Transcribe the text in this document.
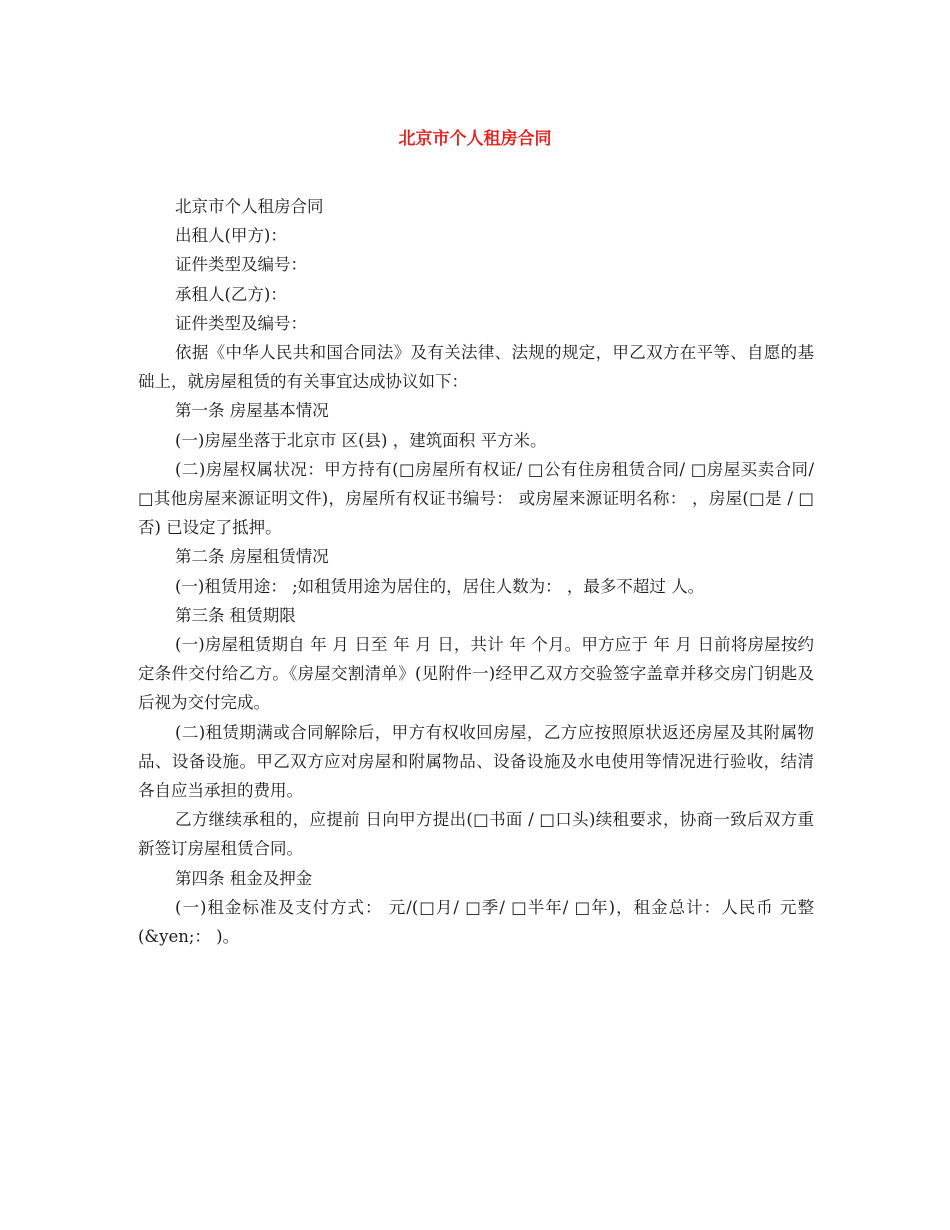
北京市个人租房合同

北京市个人租房合同

出租人(甲方)：

证件类型及编号：

承租人(乙方)：

证件类型及编号：

依据《中华人民共和国合同法》及有关法律、法规的规定，甲乙双方在平等、自愿的基础上，就房屋租赁的有关事宜达成协议如下：

第一条 房屋基本情况

(一)房屋坐落于北京市 区(县) ，建筑面积 平方米。

(二)房屋权属状况：甲方持有(□房屋所有权证/ □公有住房租赁合同/ □房屋买卖合同/ □其他房屋来源证明文件)，房屋所有权证书编号： 或房屋来源证明名称： ，房屋(□是 / □否) 已设定了抵押。

第二条 房屋租赁情况

(一)租赁用途： ;如租赁用途为居住的，居住人数为： ，最多不超过 人。

第三条 租赁期限

(一)房屋租赁期自 年 月 日至 年 月 日，共计 年 个月。甲方应于 年 月 日前将房屋按约定条件交付给乙方。《房屋交割清单》(见附件一)经甲乙双方交验签字盖章并移交房门钥匙及 后视为交付完成。

(二)租赁期满或合同解除后，甲方有权收回房屋，乙方应按照原状返还房屋及其附属物品、设备设施。甲乙双方应对房屋和附属物品、设备设施及水电使用等情况进行验收，结清各自应当承担的费用。

乙方继续承租的，应提前 日向甲方提出(□书面 / □口头)续租要求，协商一致后双方重新签订房屋租赁合同。

第四条 租金及押金

(一)租金标准及支付方式： 元/(□月/ □季/ □半年/ □年)，租金总计：人民币 元整(&yen;： )。
